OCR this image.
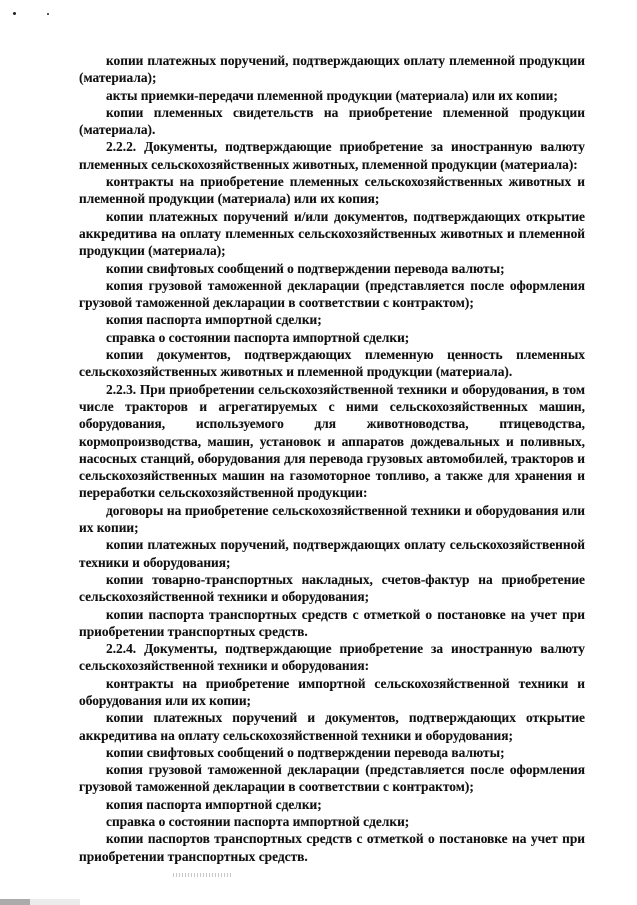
копии платежных поручений, подтверждающих оплату племенной продукции (материала);

акты приемки-передачи племенной продукции (материала) или их копии;

копии племенных свидетельств на приобретение племенной продукции (материала).

2.2.2. Документы, подтверждающие приобретение за иностранную валюту племенных сельскохозяйственных животных, племенной продукции (материала):

контракты на приобретение племенных сельскохозяйственных животных и племенной продукции (материала) или их копия;

копии платежных поручений и/или документов, подтверждающих открытие аккредитива на оплату племенных сельскохозяйственных животных и племенной продукции (материала);

копии свифтовых сообщений о подтверждении перевода валюты;

копия грузовой таможенной декларации (представляется после оформления грузовой таможенной декларации в соответствии с контрактом);

копия паспорта импортной сделки;

справка о состоянии паспорта импортной сделки;

копии документов, подтверждающих племенную ценность племенных сельскохозяйственных животных и племенной продукции (материала).

2.2.3. При приобретении сельскохозяйственной техники и оборудования, в том числе тракторов и агрегатируемых с ними сельскохозяйственных машин, оборудования, используемого для животноводства, птицеводства, кормопроизводства, машин, установок и аппаратов дождевальных и поливных, насосных станций, оборудования для перевода грузовых автомобилей, тракторов и сельскохозяйственных машин на газомоторное топливо, а также для хранения и переработки сельскохозяйственной продукции:

договоры на приобретение сельскохозяйственной техники и оборудования или их копии;

копии платежных поручений, подтверждающих оплату сельскохозяйственной техники и оборудования;

копии товарно-транспортных накладных, счетов-фактур на приобретение сельскохозяйственной техники и оборудования;

копии паспорта транспортных средств с отметкой о постановке на учет при приобретении транспортных средств.

2.2.4. Документы, подтверждающие приобретение за иностранную валюту сельскохозяйственной техники и оборудования:

контракты на приобретение импортной сельскохозяйственной техники и оборудования или их копии;

копии платежных поручений и документов, подтверждающих открытие аккредитива на оплату сельскохозяйственной техники и оборудования;

копии свифтовых сообщений о подтверждении перевода валюты;

копия грузовой таможенной декларации (представляется после оформления грузовой таможенной декларации в соответствии с контрактом);

копия паспорта импортной сделки;

справка о состоянии паспорта импортной сделки;

копии паспортов транспортных средств с отметкой о постановке на учет при приобретении транспортных средств.
